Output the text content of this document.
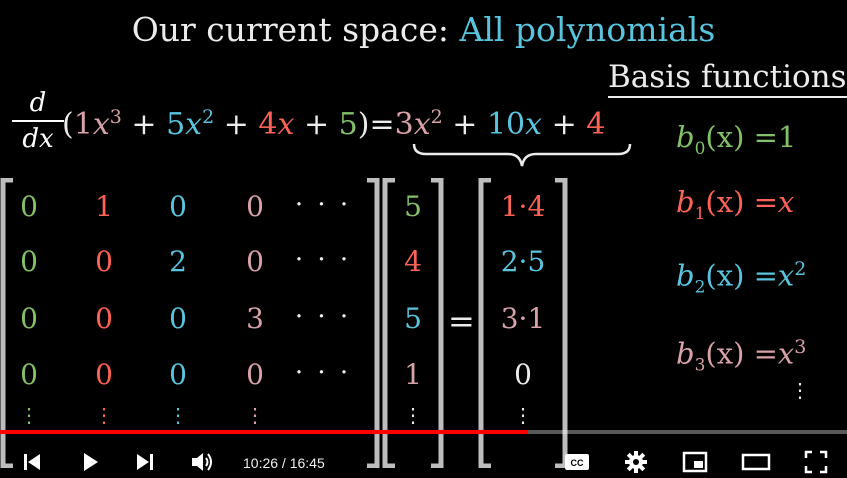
Our current space: All polynomials
Basis functions
$\frac{d}{dx}$
$(1x^3 + 5x^2 + 4x + 5)=3x^2 + 10x + 4$ $b_0(x) =1$
$b_1(x) =x$
$b_2(x) =x^2$
$b_3(x) =x^3$
⋮
0	1	0	0	· · ·
0	0	2	0	· · ·
0	0	0	3	· · ·
0	0	0	0	· · ·
⋮	⋮	⋮	⋮
5
4
5
1
⋮
=
1·4
2·5
3·1
0
⋮
10:26 / 16:45	CC
